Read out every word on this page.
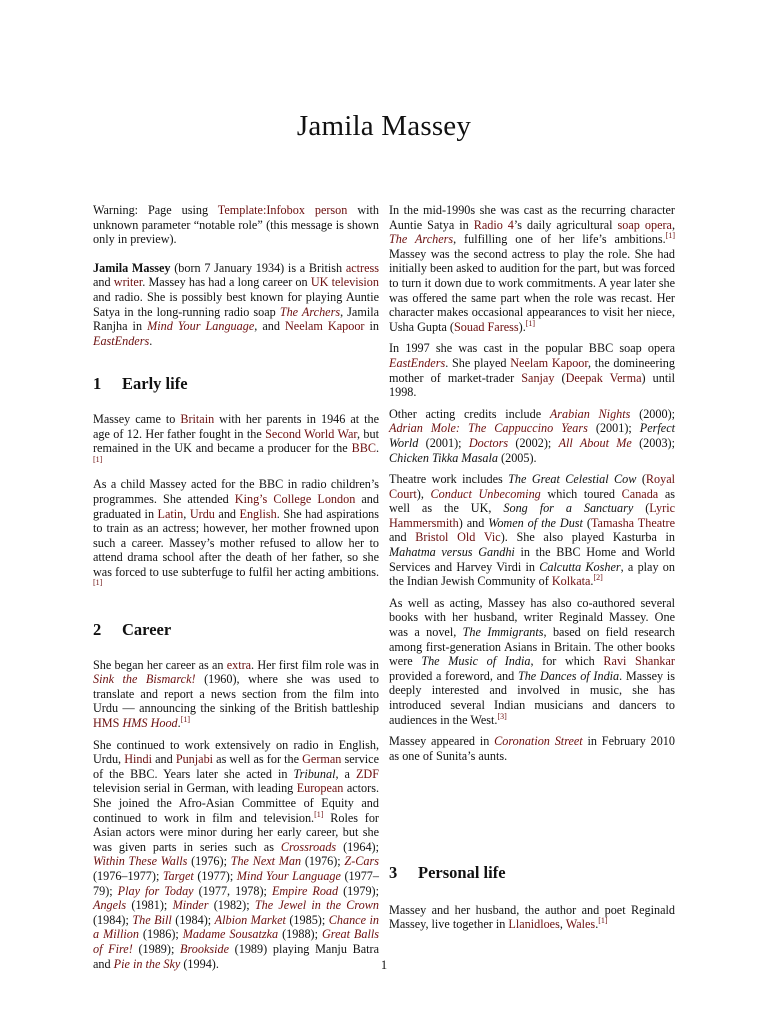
Jamila Massey

Warning: Page using Template:Infobox person with unknown parameter “notable role” (this message is shown only in preview).

Jamila Massey (born 7 January 1934) is a British actress and writer. Massey has had a long career on UK television and radio. She is possibly best known for playing Auntie Satya in the long-running radio soap The Archers, Jamila Ranjha in Mind Your Language, and Neelam Kapoor in EastEnders.

1	Early life

Massey came to Britain with her parents in 1946 at the age of 12. Her father fought in the Second World War, but remained in the UK and became a producer for the BBC.[1]

As a child Massey acted for the BBC in radio children’s programmes. She attended King’s College London and graduated in Latin, Urdu and English. She had aspirations to train as an actress; however, her mother frowned upon such a career. Massey’s mother refused to allow her to attend drama school after the death of her father, so she was forced to use subterfuge to fulfil her acting ambitions.[1]

2	Career

She began her career as an extra. Her first film role was in Sink the Bismarck! (1960), where she was used to translate and report a news section from the film into Urdu — announcing the sinking of the British battleship HMS HMS Hood.[1]

She continued to work extensively on radio in English, Urdu, Hindi and Punjabi as well as for the German service of the BBC. Years later she acted in Tribunal, a ZDF television serial in German, with leading European actors. She joined the Afro-Asian Committee of Equity and continued to work in film and television.[1] Roles for Asian actors were minor during her early career, but she was given parts in series such as Crossroads (1964); Within These Walls (1976); The Next Man (1976); Z-Cars (1976–1977); Target (1977); Mind Your Language (1977–79); Play for Today (1977, 1978); Empire Road (1979); Angels (1981); Minder (1982); The Jewel in the Crown (1984); The Bill (1984); Albion Market (1985); Chance in a Million (1986); Madame Sousatzka (1988); Great Balls of Fire! (1989); Brookside (1989) playing Manju Batra and Pie in the Sky (1994).

In the mid-1990s she was cast as the recurring character Auntie Satya in Radio 4’s daily agricultural soap opera, The Archers, fulfilling one of her life’s ambitions.[1] Massey was the second actress to play the role. She had initially been asked to audition for the part, but was forced to turn it down due to work commitments. A year later she was offered the same part when the role was recast. Her character makes occasional appearances to visit her niece, Usha Gupta (Souad Faress).[1]

In 1997 she was cast in the popular BBC soap opera EastEnders. She played Neelam Kapoor, the domineering mother of market-trader Sanjay (Deepak Verma) until 1998.

Other acting credits include Arabian Nights (2000); Adrian Mole: The Cappuccino Years (2001); Perfect World (2001); Doctors (2002); All About Me (2003); Chicken Tikka Masala (2005).

Theatre work includes The Great Celestial Cow (Royal Court), Conduct Unbecoming which toured Canada as well as the UK, Song for a Sanctuary (Lyric Hammersmith) and Women of the Dust (Tamasha Theatre and Bristol Old Vic). She also played Kasturba in Mahatma versus Gandhi in the BBC Home and World Services and Harvey Virdi in Calcutta Kosher, a play on the Indian Jewish Community of Kolkata.[2]

As well as acting, Massey has also co-authored several books with her husband, writer Reginald Massey. One was a novel, The Immigrants, based on field research among first-generation Asians in Britain. The other books were The Music of India, for which Ravi Shankar provided a foreword, and The Dances of India. Massey is deeply interested and involved in music, she has introduced several Indian musicians and dancers to audiences in the West.[3]

Massey appeared in Coronation Street in February 2010 as one of Sunita’s aunts.

3	Personal life

Massey and her husband, the author and poet Reginald Massey, live together in Llanidloes, Wales.[1]

1
